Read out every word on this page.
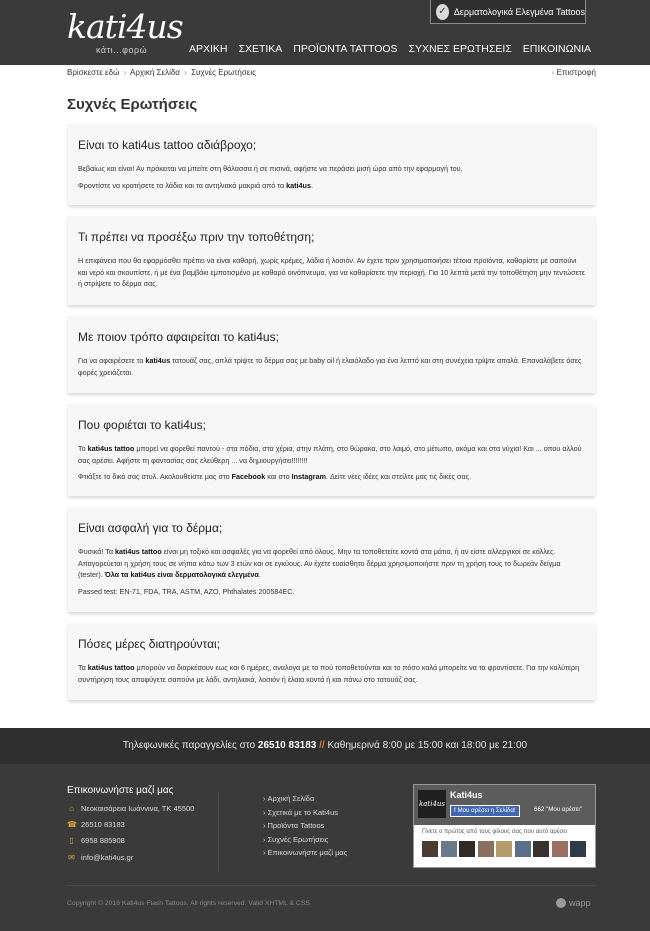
kati4us
κάτι...φορώ
✓ Δερματολογικά Ελεγμένα Tattoos
ΑΡΧΙΚΗ ΣΧΕΤΙΚΑ ΠΡΟΪΟΝΤΑ TATTOOS ΣΥΧΝΕΣ ΕΡΩΤΗΣΕΙΣ ΕΠΙΚΟΙΝΩΝΙΑ
Βρίσκεστε εδώ › Αρχική Σελίδα › Συχνές Ερωτήσεις	‹ Επιστροφή
Συχνές Ερωτήσεις
Είναι το kati4us tattoo αδιάβροχο;

Βεβαίως και είναι! Αν πρόκειται να μπείτε στη θάλασσα ή σε πισινά, αφήστε να περάσει μισή ώρα από την εφαρμογή του.

Φροντίστε να κρατήσετε τα λάδια και τα αντηλιακά μακριά από τα kati4us.

Τι πρέπει να προσέξω πριν την τοποθέτηση;

Η επιφάνεια που θα εφαρμόσθει πρέπει να είναι καθαρή, χωρίς κρέμες, λάδια ή λοσιόν. Αν έχετε πριν χρησιμοποιήσει τέτοια προϊόντα, καθαρίστε με σαπούνι και νερό και σκουπίστε, ή με ένα βαμβάκι εμποτισμένο με καθαρό οινόπνευμα, για να καθαρίσετε την περιοχή. Για 10 λεπτά μετά την τοποθέτηση μην τεντώσετε ή στρίψετε το δέρμα σας.

Με ποιον τρόπο αφαιρείται το kati4us;

Για να αφαιρέσετε το kati4us τατουάζ σας, απλά τρίψτε το δέρμα σας με baby oil ή ελαιόλαδο για ένα λεπτό και στη συνέχεια τρίψτε απαλά. Επαναλάβετε όσες φορές χρειάζεται.

Που φοριέται το kati4us;

Το kati4us tattoo μπορεί να φορεθεί παντού - στα πόδια, στα χέρια, στην πλάτη, στο θώρακα, στο λαιμό, στο μέτωπο, ακόμα και στα νύχια! Και ... οπου αλλού σας αρέσει. Αφήστε τη φαντασίας σας ελεύθερη ... να δημιουργήσει!!!!!!!!

Φτιάξτε το δικό σας στυλ. Ακολουθείστε μας στο Facebook και στο Instagram. Δείτε νέες ιδέες και στείλτε μας τις δικές σας.

Είναι ασφαλή για το δέρμα;

Φυσικά! Τα kati4us tattoo είναι μη τοξικό και ασφαλές για να φορεθεί από όλους. Μην τα τοποθετείτε κοντά στα μάτια, ή αν είστε αλλεργικοί σε κόλλες. Απαγορεύεται η χρήση τους σε νήπια κάτω των 3 ετών και σε εγκύους. Αν έχετε ευαίσθητο δέρμα χρησιμοποιήστε πριν τη χρήση τους το δωρεάν δείγμα (tester). Όλα τα kati4us είναι δερματολογικά ελεγμένα.

Passed test: EN-71, FDA, TRA, ASTM, AZO, Phthalates 200584EC.

Πόσες μέρες διατηρούνται;

Τα kati4us tattoo μπορούν να διαρκέσουν εως και 6 ημέρες, αναλογα με το πού τοποθετούνται και το πόσο καλά μπορείτε να τα φροντίσετε. Για την καλύτερη συντήρηση τους αποφύγετε σαπούνι με λάδι, αντηλιακά, λοσιόν ή έλαια κοντά ή και πάνω στο τατουάζ σας.

Τηλεφωνικές παραγγελίες στο 26510 83183 // Καθημερινά 8:00 με 15:00 και 18:00 με 21:00
Επικοινωνήστε μαζί μας
⌂ Νεοκαισάρεια Ιωάννινα, ΤΚ 45500
☎ 26510 83183
▯ 6958 885908
✉ info@kati4us.gr
› Αρχική Σελίδα
› Σχετικά με το Kati4us
› Προϊόντα Tattoos
› Συχνές Ερωτήσεις
› Επικοινωνήστε μαζί μας
kati4us
Kati4us
f Μου αρέσει η Σελίδα!	662 "Μου αρέσει"
Γίνετε ο πρώτος από τους φίλους σας που αυτό αρέσει
Copyright © 2016 Kati4us Flash Tattoos. All rights reserved. Valid XHTML & CSS.	wapp
